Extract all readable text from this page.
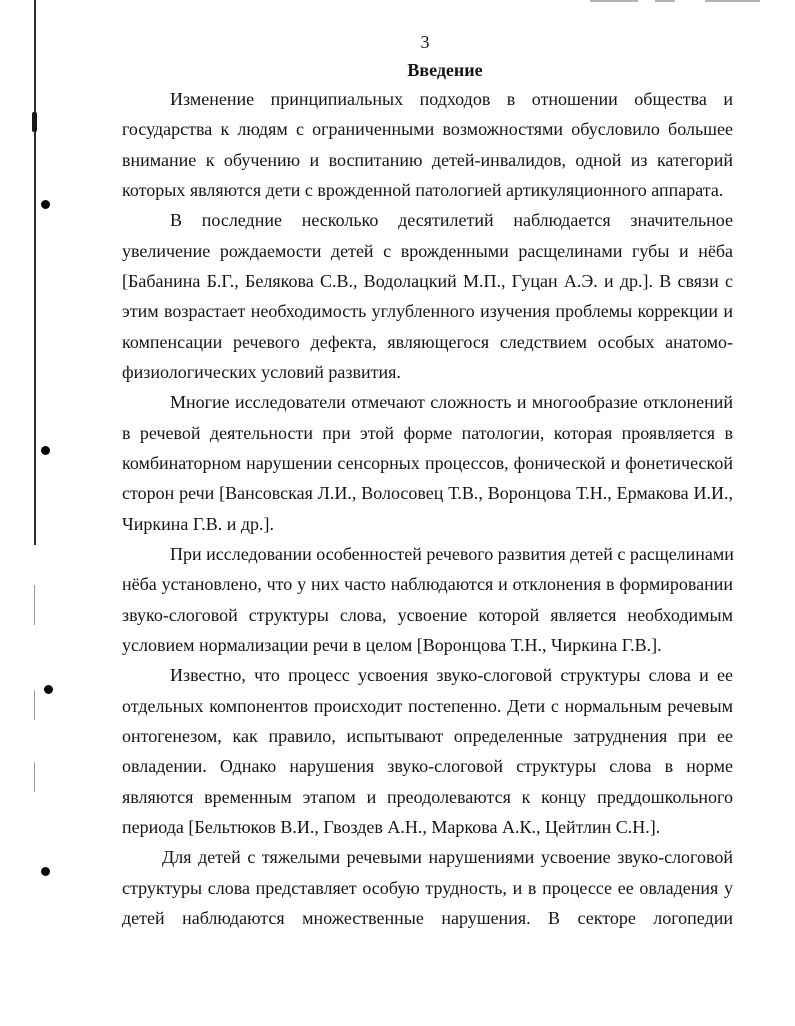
3
Введение
Изменение принципиальных подходов в отношении общества и
государства к людям с ограниченными возможностями обусловило большее
внимание к обучению и воспитанию детей-инвалидов, одной из категорий
которых являются дети с врожденной патологией артикуляционного аппарата.
В последние несколько десятилетий наблюдается значительное
увеличение рождаемости детей с врожденными расщелинами губы и нёба
[Бабанина Б.Г., Белякова С.В., Водолацкий М.П., Гуцан А.Э. и др.]. В связи с
этим возрастает необходимость углубленного изучения проблемы коррекции и
компенсации речевого дефекта, являющегося следствием особых анатомо-
физиологических условий развития.
Многие исследователи отмечают сложность и многообразие отклонений
в речевой деятельности при этой форме патологии, которая проявляется в
комбинаторном нарушении сенсорных процессов, фонической и фонетической
сторон речи [Вансовская Л.И., Волосовец Т.В., Воронцова Т.Н., Ермакова И.И.,
Чиркина Г.В. и др.].
При исследовании особенностей речевого развития детей с расщелинами
нёба установлено, что у них часто наблюдаются и отклонения в формировании
звуко-слоговой структуры слова, усвоение которой является необходимым
условием нормализации речи в целом [Воронцова Т.Н., Чиркина Г.В.].
Известно, что процесс усвоения звуко-слоговой структуры слова и ее
отдельных компонентов происходит постепенно. Дети с нормальным речевым
онтогенезом, как правило, испытывают определенные затруднения при ее
овладении. Однако нарушения звуко-слоговой структуры слова в норме
являются временным этапом и преодолеваются к концу преддошкольного
периода [Бельтюков В.И., Гвоздев А.Н., Маркова А.К., Цейтлин С.Н.].
Для детей с тяжелыми речевыми нарушениями усвоение звуко-слоговой
структуры слова представляет особую трудность, и в процессе ее овладения у
детей наблюдаются множественные нарушения. В секторе логопедии
